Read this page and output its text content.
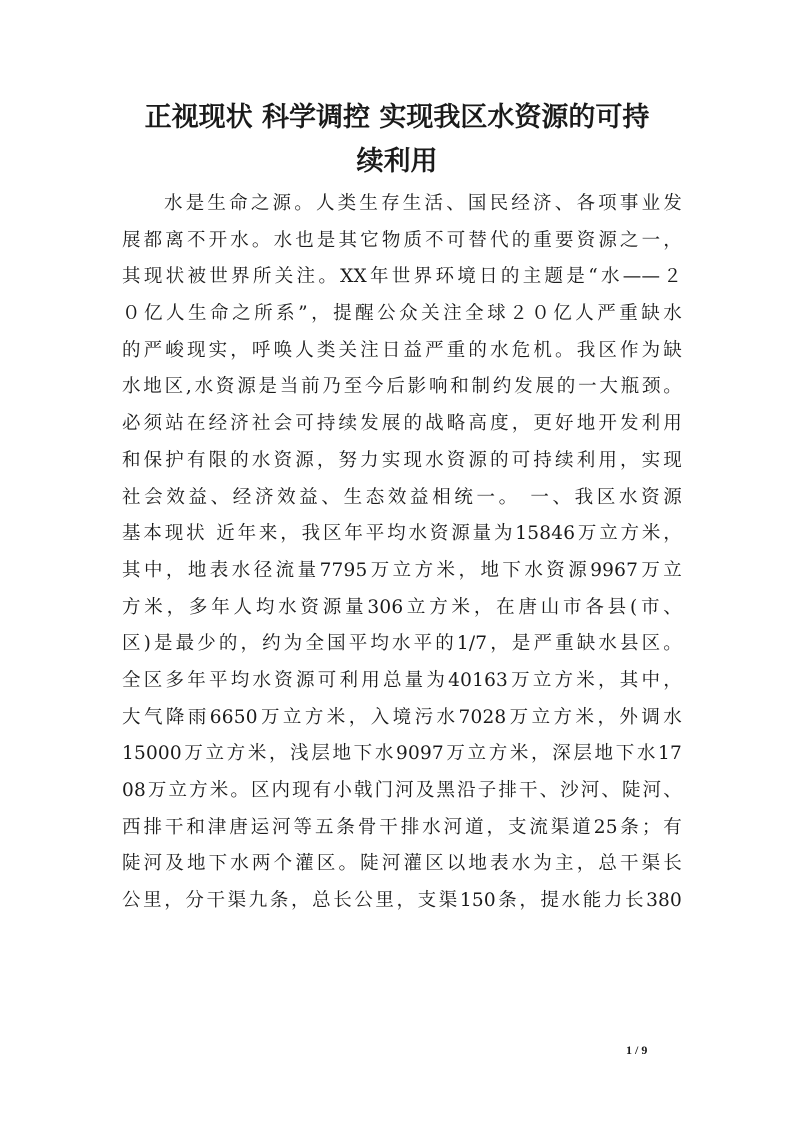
正视现状 科学调控 实现我区水资源的可持
续利用
水是生命之源。人类生存生活、国民经济、各项事业发
展都离不开水。水也是其它物质不可替代的重要资源之一，
其现状被世界所关注。XX年世界环境日的主题是“水——２
０亿人生命之所系”，提醒公众关注全球２０亿人严重缺水
的严峻现实，呼唤人类关注日益严重的水危机。我区作为缺
水地区,水资源是当前乃至今后影响和制约发展的一大瓶颈。
必须站在经济社会可持续发展的战略高度，更好地开发利用
和保护有限的水资源，努力实现水资源的可持续利用，实现
社会效益、经济效益、生态效益相统一。 一、我区水资源
基本现状 近年来，我区年平均水资源量为15846万立方米，
其中，地表水径流量7795万立方米，地下水资源9967万立
方米，多年人均水资源量306立方米，在唐山市各县(市、
区)是最少的，约为全国平均水平的1/7，是严重缺水县区。
全区多年平均水资源可利用总量为40163万立方米，其中，
大气降雨6650万立方米，入境污水7028万立方米，外调水
15000万立方米，浅层地下水9097万立方米，深层地下水17
08万立方米。区内现有小戟门河及黑沿子排干、沙河、陡河、
西排干和津唐运河等五条骨干排水河道，支流渠道25条；有
陡河及地下水两个灌区。陡河灌区以地表水为主，总干渠长
公里，分干渠九条，总长公里，支渠150条，提水能力长380
1 / 9
